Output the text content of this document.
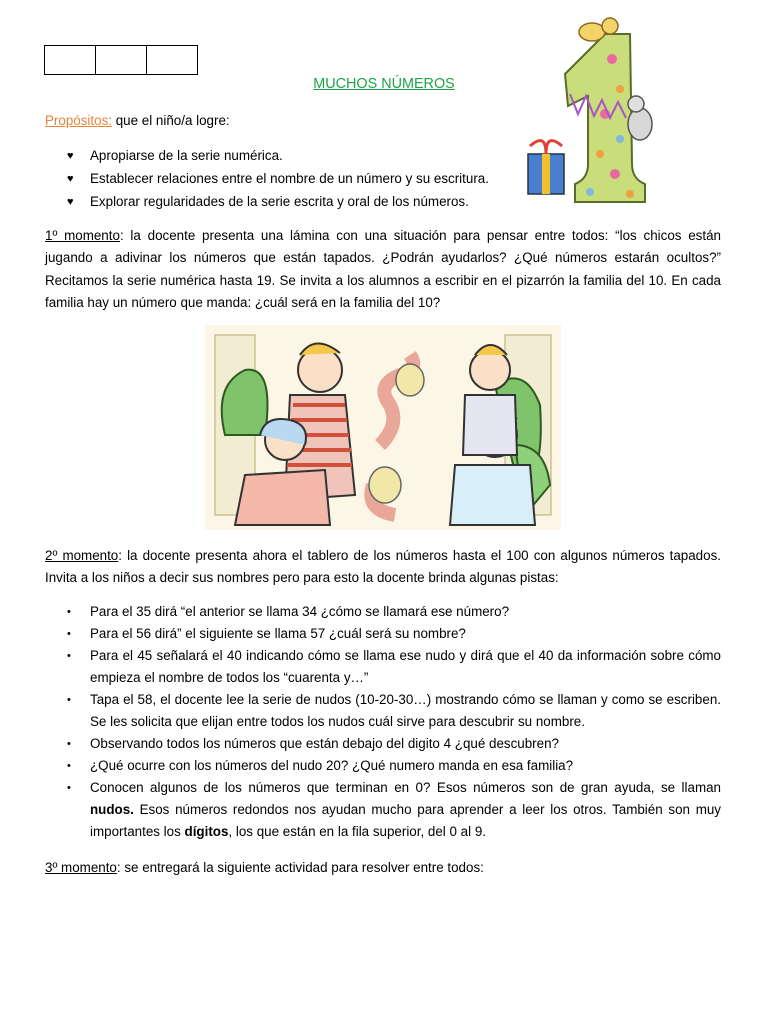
MUCHOS NÚMEROS
Propósitos: que el niño/a logre:
♥ Apropiarse de la serie numérica.
♥ Establecer relaciones entre el nombre de un número y su escritura.
♥ Explorar regularidades de la serie escrita y oral de los números.
1º momento: la docente presenta una lámina con una situación para pensar entre todos: “los chicos están jugando a adivinar los números que están tapados. ¿Podrán ayudarlos? ¿Qué números estarán ocultos?” Recitamos la serie numérica hasta 19. Se invita a los alumnos a escribir en el pizarrón la familia del 10. En cada familia hay un número que manda: ¿cuál será en la familia del 10?
2º momento: la docente presenta ahora el tablero de los números hasta el 100 con algunos números tapados. Invita a los niños a decir sus nombres pero para esto la docente brinda algunas pistas:
• Para el 35 dirá “el anterior se llama 34 ¿cómo se llamará ese número?
• Para el 56 dirá” el siguiente se llama 57 ¿cuál será su nombre?
• Para el 45 señalará el 40 indicando cómo se llama ese nudo y dirá que el 40 da información sobre cómo empieza el nombre de todos los “cuarenta y…”
• Tapa el 58, el docente lee la serie de nudos (10-20-30…) mostrando cómo se llaman y como se escriben. Se les solicita que elijan entre todos los nudos cuál sirve para descubrir su nombre.
• Observando todos los números que están debajo del digito 4 ¿qué descubren?
• ¿Qué ocurre con los números del nudo 20? ¿Qué numero manda en esa familia?
• Conocen algunos de los números que terminan en 0? Esos números son de gran ayuda, se llaman nudos. Esos números redondos nos ayudan mucho para aprender a leer los otros. También son muy importantes los dígitos, los que están en la fila superior, del 0 al 9.
3º momento: se entregará la siguiente actividad para resolver entre todos:
